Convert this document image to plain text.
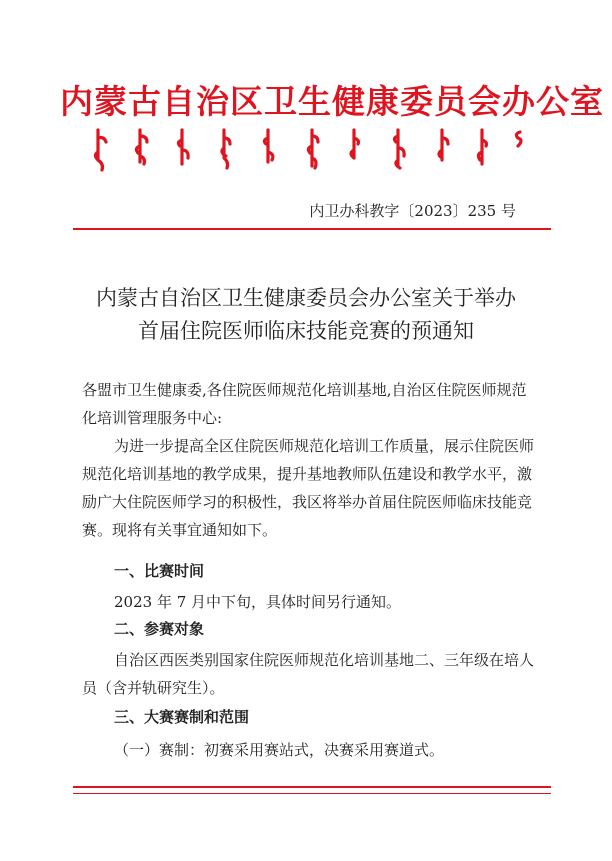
内蒙古自治区卫生健康委员会办公室
内卫办科教字〔2023〕235 号
内蒙古自治区卫生健康委员会办公室关于举办
首届住院医师临床技能竞赛的预通知
各盟市卫生健康委,各住院医师规范化培训基地,自治区住院医师规范化培训管理服务中心:
为进一步提高全区住院医师规范化培训工作质量，展示住院医师规范化培训基地的教学成果，提升基地教师队伍建设和教学水平，激励广大住院医师学习的积极性，我区将举办首届住院医师临床技能竞赛。现将有关事宜通知如下。
一、比赛时间
2023 年 7 月中下旬，具体时间另行通知。
二、参赛对象
自治区西医类别国家住院医师规范化培训基地二、三年级在培人员（含并轨研究生）。
三、大赛赛制和范围
（一）赛制：初赛采用赛站式，决赛采用赛道式。
